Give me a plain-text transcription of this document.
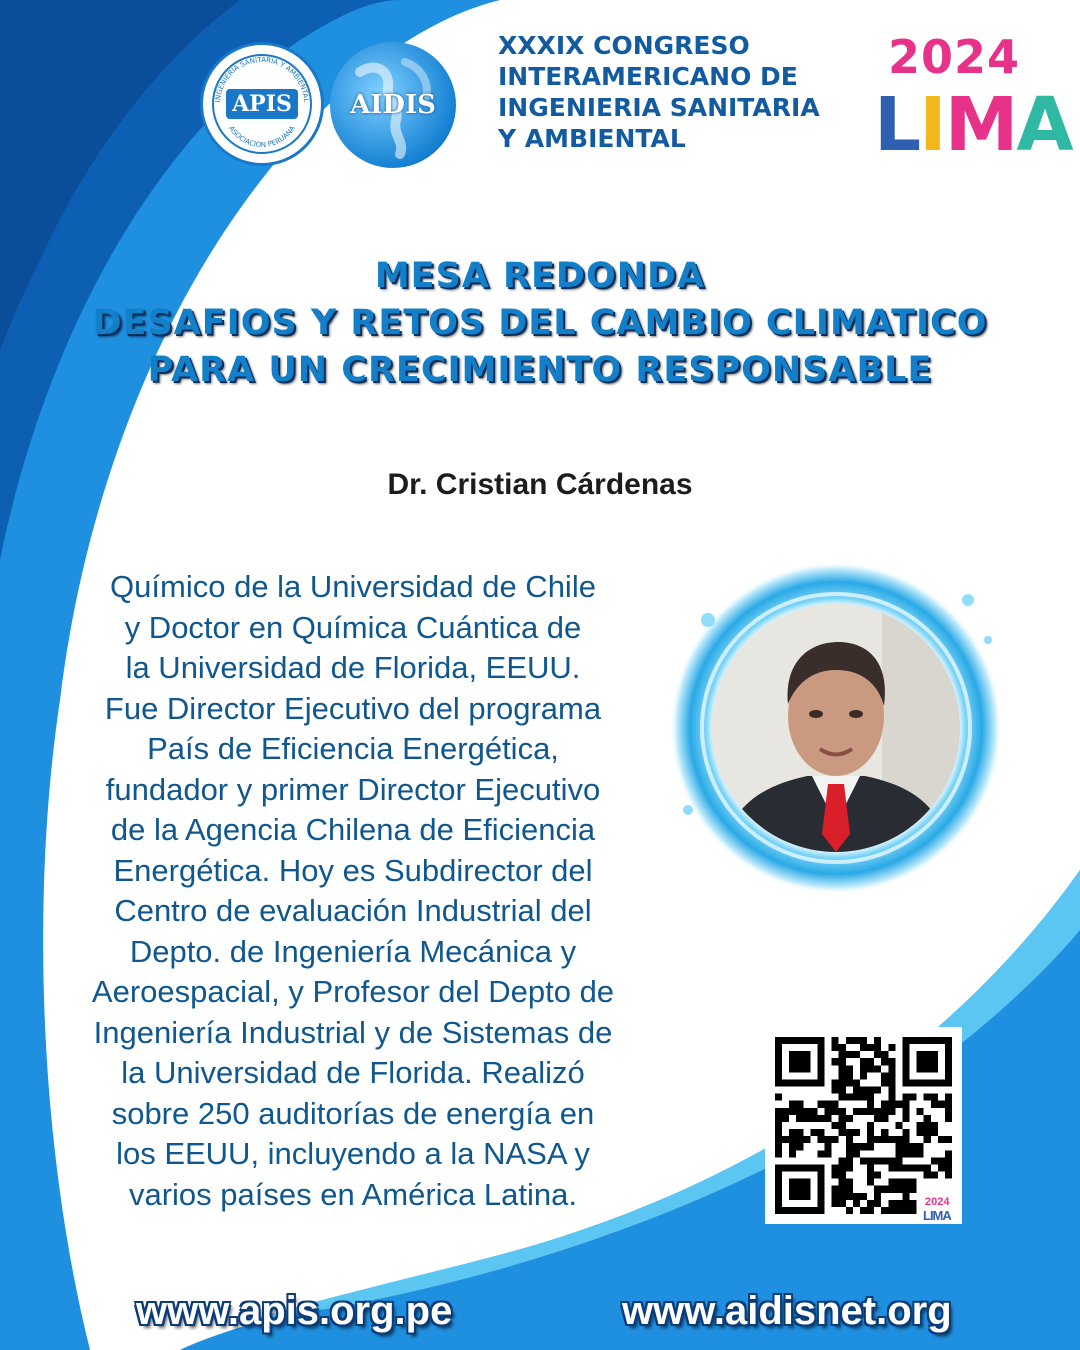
INGENIERIA SANITARIA Y AMBIENTAL
ASOCIACION PERUANA
APIS AIDIS
XXXIX CONGRESO
INTERAMERICANO DE
INGENIERIA SANITARIA
Y AMBIENTAL
2024
LIMA
MESA REDONDA
DESAFIOS Y RETOS DEL CAMBIO CLIMATICO
PARA UN CRECIMIENTO RESPONSABLE
Dr. Cristian Cárdenas
Químico de la Universidad de Chile
y Doctor en Química Cuántica de
la Universidad de Florida, EEUU.
Fue Director Ejecutivo del programa
País de Eficiencia Energética,
fundador y primer Director Ejecutivo
de la Agencia Chilena de Eficiencia
Energética. Hoy es Subdirector del
Centro de evaluación Industrial del
Depto. de Ingeniería Mecánica y
Aeroespacial, y Profesor del Depto de
Ingeniería Industrial y de Sistemas de
la Universidad de Florida. Realizó
sobre 250 auditorías de energía en
los EEUU, incluyendo a la NASA y
varios países en América Latina.	2024
LIMA
www.apis.org.pe	www.aidisnet.org
